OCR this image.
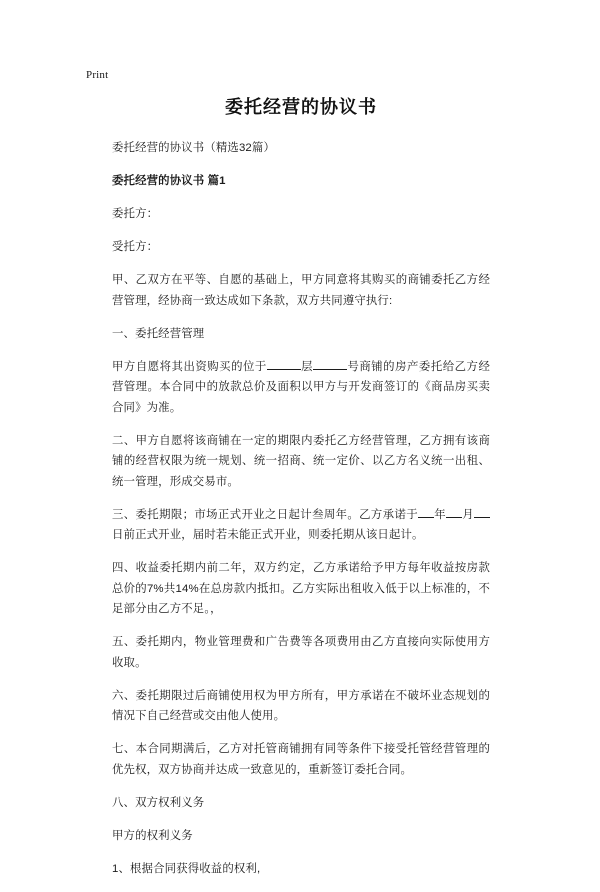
Print
委托经营的协议书

委托经营的协议书（精选32篇）

委托经营的协议书 篇1

委托方：

受托方：

甲、乙双方在平等、自愿的基础上，甲方同意将其购买的商铺委托乙方经营管理，经协商一致达成如下条款，双方共同遵守执行:

一、委托经营管理

甲方自愿将其出资购买的位于	层	号商铺的房产委托给乙方经营管理。本合同中的放款总价及面积以甲方与开发商签订的《商品房买卖合同》为准。

二、甲方自愿将该商铺在一定的期限内委托乙方经营管理，乙方拥有该商铺的经营权限为统一规划、统一招商、统一定价、以乙方名义统一出租、统一管理，形成交易市。

三、委托期限；市场正式开业之日起计叁周年。乙方承诺于 年 月日前正式开业，届时若未能正式开业，则委托期从该日起计。

四、收益委托期内前二年，双方约定，乙方承诺给予甲方每年收益按房款总价的7%共14%在总房款内抵扣。乙方实际出租收入低于以上标准的，不足部分由乙方不足。，

五、委托期内，物业管理费和广告费等各项费用由乙方直接向实际使用方收取。

六、委托期限过后商铺使用权为甲方所有，甲方承诺在不破坏业态规划的情况下自己经营或交由他人使用。

七、本合同期满后，乙方对托管商铺拥有同等条件下接受托管经营管理的优先权，双方协商并达成一致意见的，重新签订委托合同。

八、双方权利义务

甲方的权利义务

1、根据合同获得收益的权利,
